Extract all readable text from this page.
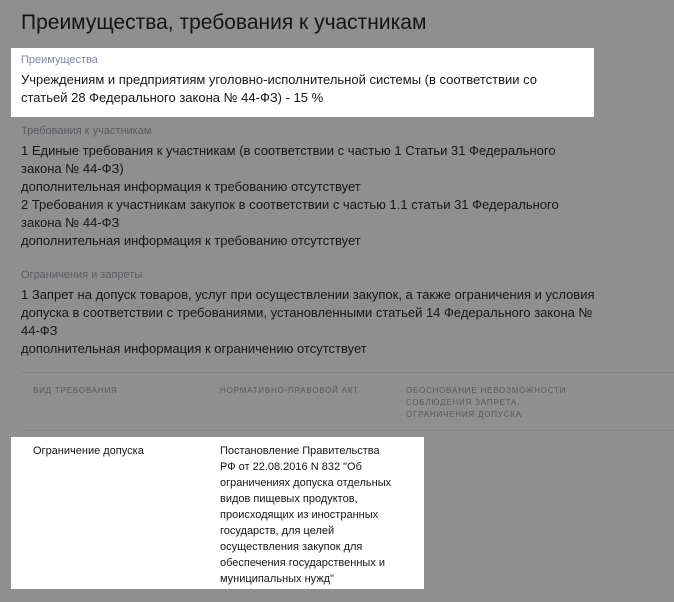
Преимущества, требования к участникам
Преимущества
Учреждениям и предприятиям уголовно-исполнительной системы (в соответствии со статьей 28 Федерального закона № 44-ФЗ) - 15 %
Требования к участникам
1 Единые требования к участникам (в соответствии с частью 1 Статьи 31 Федерального закона № 44-ФЗ)
дополнительная информация к требованию отсутствует
2 Требования к участникам закупок в соответствии с частью 1.1 статьи 31 Федерального закона № 44-ФЗ
дополнительная информация к требованию отсутствует
Ограничения и запреты
1 Запрет на допуск товаров, услуг при осуществлении закупок, а также ограничения и условия допуска в соответствии с требованиями, установленными статьей 14 Федерального закона № 44-ФЗ
дополнительная информация к ограничению отсутствует
ВИД ТРЕБОВАНИЯ	НОРМАТИВНО-ПРАВОВОЙ АКТ	ОБОСНОВАНИЕ НЕВОЗМОЖНОСТИ СОБЛЮДЕНИЯ ЗАПРЕТА, ОГРАНИЧЕНИЯ ДОПУСКА
Ограничение допуска	Постановление Правительства РФ от 22.08.2016 N 832 "Об ограничениях допуска отдельных видов пищевых продуктов, происходящих из иностранных государств, для целей осуществления закупок для обеспечения государственных и муниципальных нужд"
